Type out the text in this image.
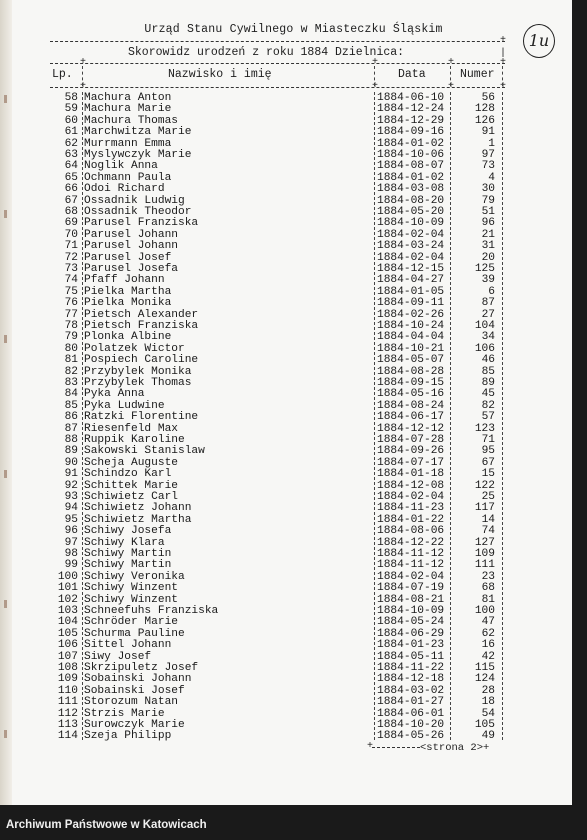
Urząd Stanu Cywilnego w Miasteczku Śląskim
1u
+
Skorowidz urodzeń z roku 1884 Dzielnica:	|
+	+	+	+
Lp.	Nazwisko i imię	Data	Numer
+	+	+	+
58 Machura Anton	1884-06-10	56
59 Machura Marie	1884-12-24	128
60 Machura Thomas	1884-12-29	126
61 Marchwitza Marie	1884-09-16	91
62 Murrmann Emma	1884-01-02	1
63 Myslywczyk Marie	1884-10-06	97
64 Noglik Anna	1884-08-07	73
65 Ochmann Paula	1884-01-02	4
66 Odoi Richard	1884-03-08	30
67 Ossadnik Ludwig	1884-08-20	79
68 Ossadnik Theodor	1884-05-20	51
69 Parusel Franziska	1884-10-09	96
70 Parusel Johann	1884-02-04	21
71 Parusel Johann	1884-03-24	31
72 Parusel Josef	1884-02-04	20
73 Parusel Josefa	1884-12-15	125
74 Pfaff Johann	1884-04-27	39
75 Pielka Martha	1884-01-05	6
76 Pielka Monika	1884-09-11	87
77 Pietsch Alexander	1884-02-26	27
78 Pietsch Franziska	1884-10-24	104
79 Plonka Albine	1884-04-04	34
80 Polatzek Wictor	1884-10-21	106
81 Pospiech Caroline	1884-05-07	46
82 Przybylek Monika	1884-08-28	85
83 Przybylek Thomas	1884-09-15	89
84 Pyka Anna	1884-05-16	45
85 Pyka Ludwine	1884-08-24	82
86 Ratzki Florentine	1884-06-17	57
87 Riesenfeld Max	1884-12-12	123
88 Ruppik Karoline	1884-07-28	71
89 Sakowski Stanislaw	1884-09-26	95
90 Scheja Auguste	1884-07-17	67
91 Schindzo Karl	1884-01-18	15
92 Schittek Marie	1884-12-08	122
93 Schiwietz Carl	1884-02-04	25
94 Schiwietz Johann	1884-11-23	117
95 Schiwietz Martha	1884-01-22	14
96 Schiwy Josefa	1884-08-06	74
97 Schiwy Klara	1884-12-22	127
98 Schiwy Martin	1884-11-12	109
99 Schiwy Martin	1884-11-12	111
100 Schiwy Veronika	1884-02-04	23
101 Schiwy Winzent	1884-07-19	68
102 Schiwy Winzent	1884-08-21	81
103 Schneefuhs Franziska	1884-10-09	100
104 Schröder Marie	1884-05-24	47
105 Schurma Pauline	1884-06-29	62
106 Sittel Johann	1884-01-23	16
107 Siwy Josef	1884-05-11	42
108 Skrzipuletz Josef	1884-11-22	115
109 Sobainski Johann	1884-12-18	124
110 Sobainski Josef	1884-03-02	28
111 Storozum Natan	1884-01-27	18
112 Strzis Marie	1884-06-01	54
113 Surowczyk Marie	1884-10-20	105
114 Szeja Philipp	1884-05-26	49
+	<strona 2>+
Archiwum Państwowe w Katowicach
